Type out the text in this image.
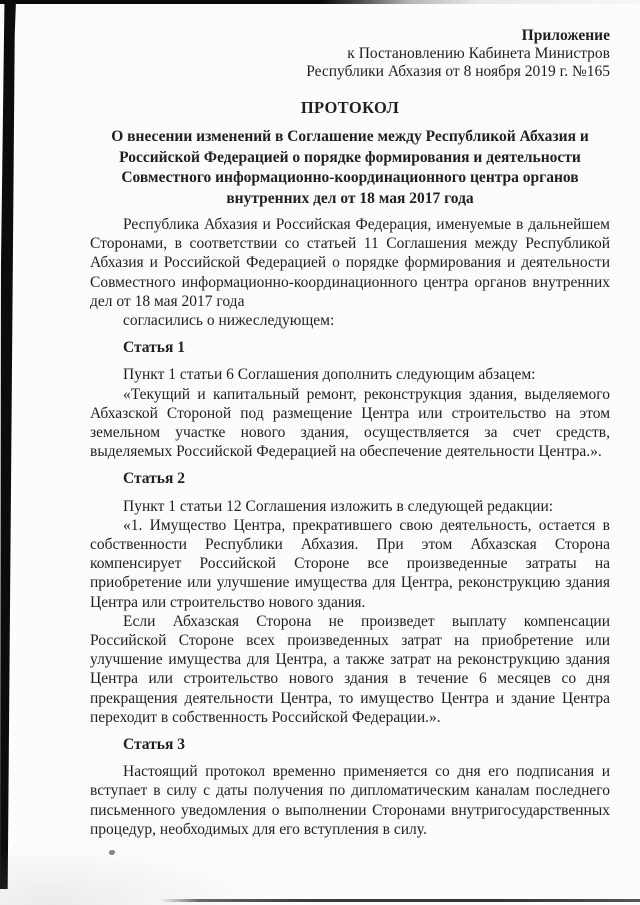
Приложение
к Постановлению Кабинета Министров
Республики Абхазия от 8 ноября 2019 г. №165
ПРОТОКОЛ
О внесении изменений в Соглашение между Республикой Абхазия и
Российской Федерацией о порядке формирования и деятельности
Совместного информационно-координационного центра органов
внутренних дел от 18 мая 2017 года

Республика Абхазия и Российская Федерация, именуемые в дальнейшем Сторонами, в соответствии со статьей 11 Соглашения между Республикой Абхазия и Российской Федерацией о порядке формирования и деятельности Совместного информационно-координационного центра органов внутренних дел от 18 мая 2017 года

согласились о нижеследующем:

Статья 1

Пункт 1 статьи 6 Соглашения дополнить следующим абзацем:

«Текущий и капитальный ремонт, реконструкция здания, выделяемого Абхазской Стороной под размещение Центра или строительство на этом земельном участке нового здания, осуществляется за счет средств, выделяемых Российской Федерацией на обеспечение деятельности Центра.».

Статья 2

Пункт 1 статьи 12 Соглашения изложить в следующей редакции:

«1. Имущество Центра, прекратившего свою деятельность, остается в собственности Республики Абхазия. При этом Абхазская Сторона компенсирует Российской Стороне все произведенные затраты на приобретение или улучшение имущества для Центра, реконструкцию здания Центра или строительство нового здания.

Если Абхазская Сторона не произведет выплату компенсации Российской Стороне всех произведенных затрат на приобретение или улучшение имущества для Центра, а также затрат на реконструкцию здания Центра или строительство нового здания в течение 6 месяцев со дня прекращения деятельности Центра, то имущество Центра и здание Центра переходит в собственность Российской Федерации.».

Статья 3

Настоящий протокол временно применяется со дня его подписания и вступает в силу с даты получения по дипломатическим каналам последнего письменного уведомления о выполнении Сторонами внутригосударственных процедур, необходимых для его вступления в силу.
